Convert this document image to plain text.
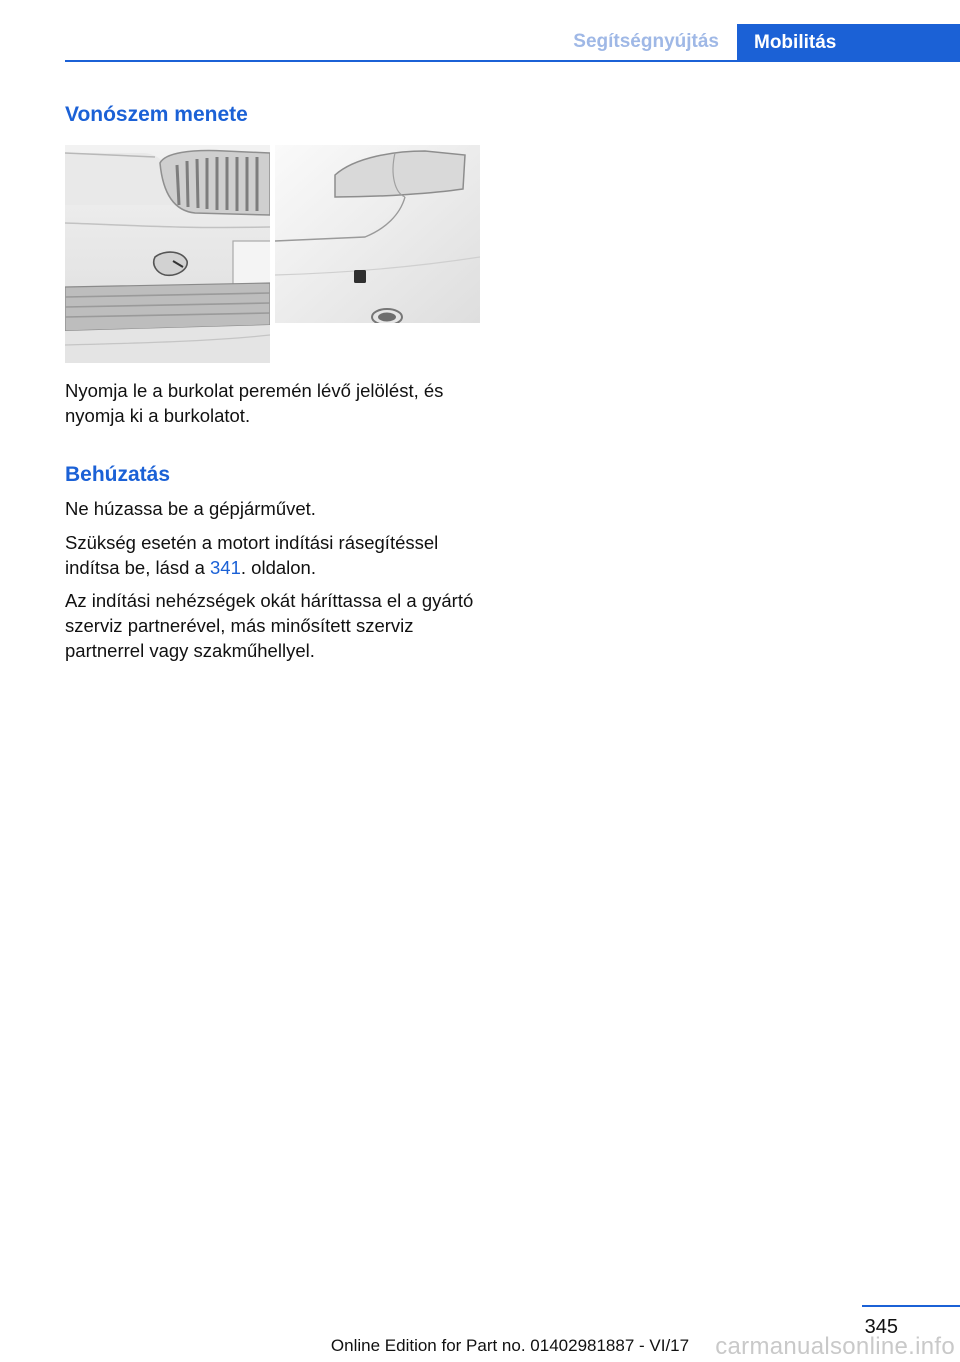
Segítségnyújtás	Mobilitás
Vonószem menete

Nyomja le a burkolat peremén lévő jelölést, és nyomja ki a burkolatot.

Behúzatás

Ne húzassa be a gépjárművet.

Szükség esetén a motort indítási rásegítéssel indítsa be, lásd a 341. oldalon.

Az indítási nehézségek okát háríttassa el a gyártó szerviz partnerével, más minősített szerviz partnerrel vagy szakműhellyel.

345
Online Edition for Part no. 01402981887 - VI/17	carmanualsonline.info
